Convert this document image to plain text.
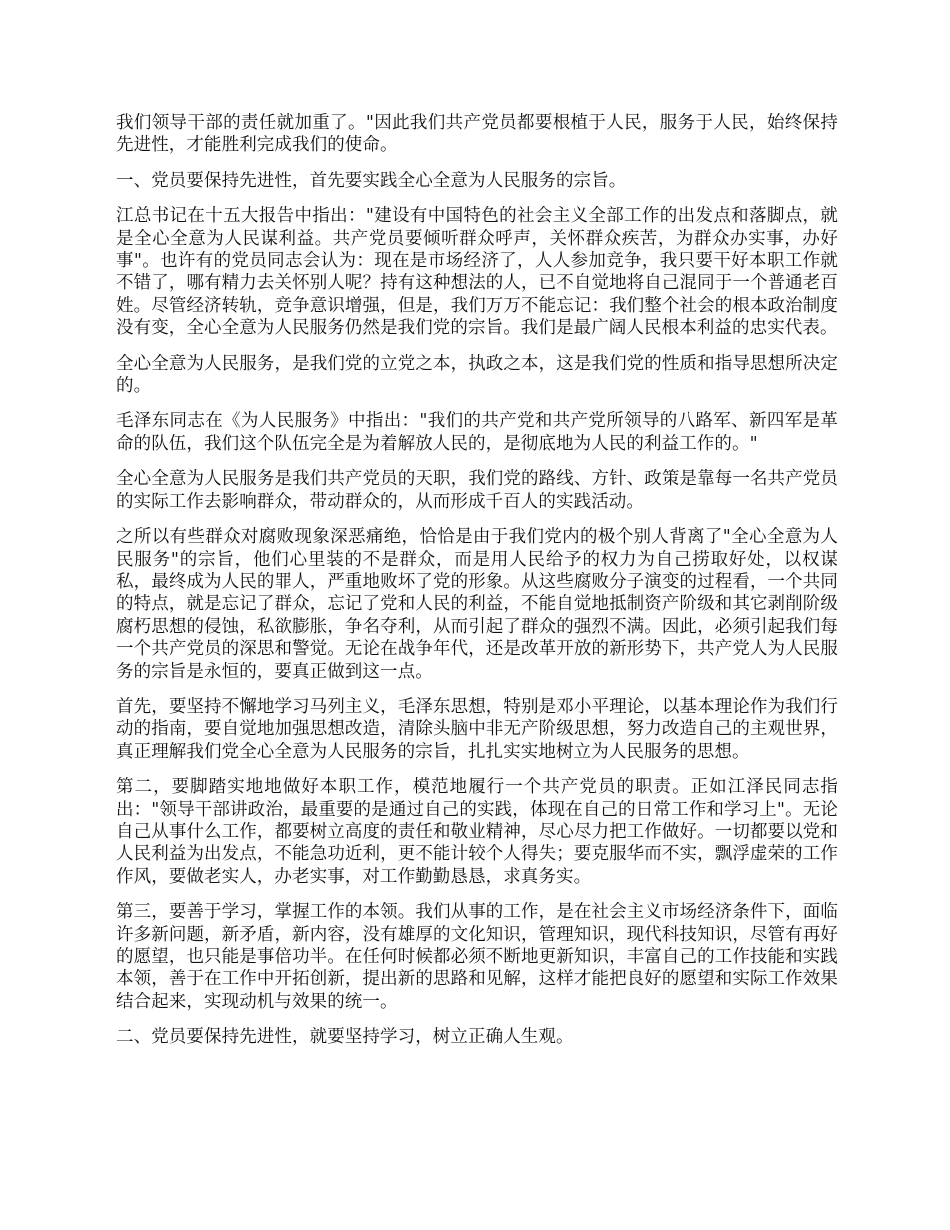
我们领导干部的责任就加重了。"因此我们共产党员都要根植于人民，服务于人民，始终保持先进性，才能胜利完成我们的使命。

一、党员要保持先进性，首先要实践全心全意为人民服务的宗旨。

江总书记在十五大报告中指出："建设有中国特色的社会主义全部工作的出发点和落脚点，就是全心全意为人民谋利益。共产党员要倾听群众呼声，关怀群众疾苦，为群众办实事，办好事"。也许有的党员同志会认为：现在是市场经济了，人人参加竞争，我只要干好本职工作就不错了，哪有精力去关怀别人呢？持有这种想法的人，已不自觉地将自己混同于一个普通老百姓。尽管经济转轨，竞争意识增强，但是，我们万万不能忘记：我们整个社会的根本政治制度没有变，全心全意为人民服务仍然是我们党的宗旨。我们是最广阔人民根本利益的忠实代表。

全心全意为人民服务，是我们党的立党之本，执政之本，这是我们党的性质和指导思想所决定的。

毛泽东同志在《为人民服务》中指出："我们的共产党和共产党所领导的八路军、新四军是革命的队伍，我们这个队伍完全是为着解放人民的，是彻底地为人民的利益工作的。"

全心全意为人民服务是我们共产党员的天职，我们党的路线、方针、政策是靠每一名共产党员的实际工作去影响群众，带动群众的，从而形成千百人的实践活动。

之所以有些群众对腐败现象深恶痛绝，恰恰是由于我们党内的极个别人背离了"全心全意为人民服务"的宗旨，他们心里装的不是群众，而是用人民给予的权力为自己捞取好处，以权谋私，最终成为人民的罪人，严重地败坏了党的形象。从这些腐败分子演变的过程看，一个共同的特点，就是忘记了群众，忘记了党和人民的利益，不能自觉地抵制资产阶级和其它剥削阶级腐朽思想的侵蚀，私欲膨胀，争名夺利，从而引起了群众的强烈不满。因此，必须引起我们每一个共产党员的深思和警觉。无论在战争年代，还是改革开放的新形势下，共产党人为人民服务的宗旨是永恒的，要真正做到这一点。

首先，要坚持不懈地学习马列主义，毛泽东思想，特别是邓小平理论，以基本理论作为我们行动的指南，要自觉地加强思想改造，清除头脑中非无产阶级思想，努力改造自己的主观世界，真正理解我们党全心全意为人民服务的宗旨，扎扎实实地树立为人民服务的思想。

第二，要脚踏实地地做好本职工作，模范地履行一个共产党员的职责。正如江泽民同志指出："领导干部讲政治，最重要的是通过自己的实践，体现在自己的日常工作和学习上"。无论自己从事什么工作，都要树立高度的责任和敬业精神，尽心尽力把工作做好。一切都要以党和人民利益为出发点，不能急功近利，更不能计较个人得失；要克服华而不实，飘浮虚荣的工作作风，要做老实人，办老实事，对工作勤勤恳恳，求真务实。

第三，要善于学习，掌握工作的本领。我们从事的工作，是在社会主义市场经济条件下，面临许多新问题，新矛盾，新内容，没有雄厚的文化知识，管理知识，现代科技知识，尽管有再好的愿望，也只能是事倍功半。在任何时候都必须不断地更新知识，丰富自己的工作技能和实践本领，善于在工作中开拓创新，提出新的思路和见解，这样才能把良好的愿望和实际工作效果结合起来，实现动机与效果的统一。

二、党员要保持先进性，就要坚持学习，树立正确人生观。
